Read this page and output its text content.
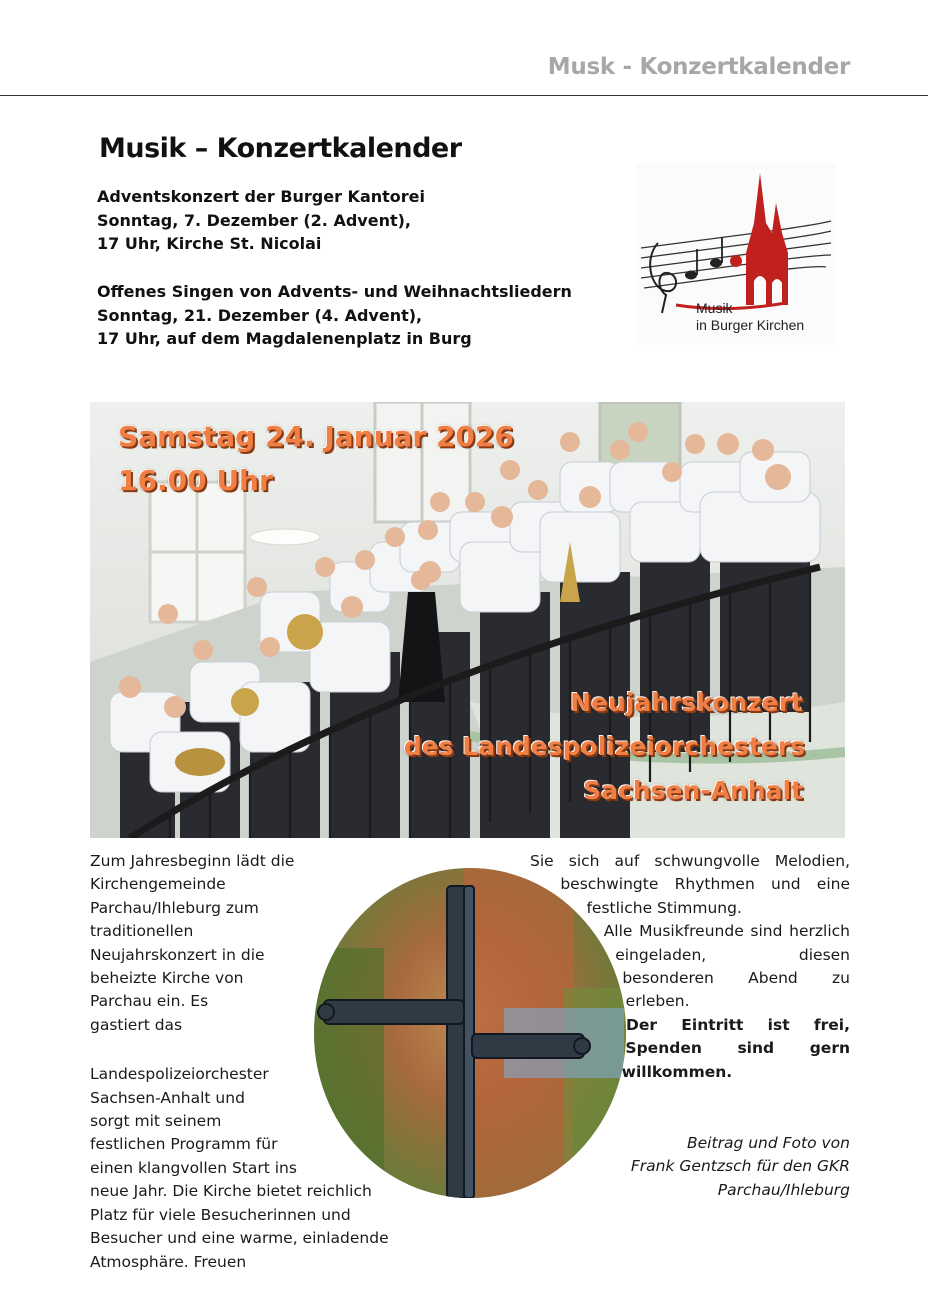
Musk - Konzertkalender
Musik – Konzertkalender
Adventskonzert der Burger Kantorei
Sonntag, 7. Dezember (2. Advent),
17 Uhr, Kirche St. Nicolai
Offenes Singen von Advents- und Weihnachtsliedern
Sonntag, 21. Dezember (4. Advent),
17 Uhr, auf dem Magdalenenplatz in Burg
Musik
in Burger Kirchen
Samstag 24. Januar 2026
16.00 Uhr
Neujahrskonzert
des Landespolizeiorchesters
Sachsen-Anhalt

Zum Jahresbeginn lädt die Kirchengemeinde Parchau/Ihleburg zum traditionellen Neujahrskonzert in die beheizte Kirche von Parchau ein. Es gastiert das Landespolizeiorchester Sachsen-Anhalt und sorgt mit seinem festlichen Programm für einen klangvollen Start ins neue Jahr. Die Kirche bietet reichlich Platz für viele Besucherinnen und Besucher und eine warme, einladende Atmosphäre. Freuen

Sie sich auf schwungvolle Melodien, beschwingte Rhythmen und eine festliche Stimmung.

Alle Musikfreunde sind herzlich eingeladen, diesen besonderen Abend zu erleben.

Der Eintritt ist frei, Spenden sind gern willkommen.

Beitrag und Foto von
Frank Gentzsch für den GKR
Parchau/Ihleburg
